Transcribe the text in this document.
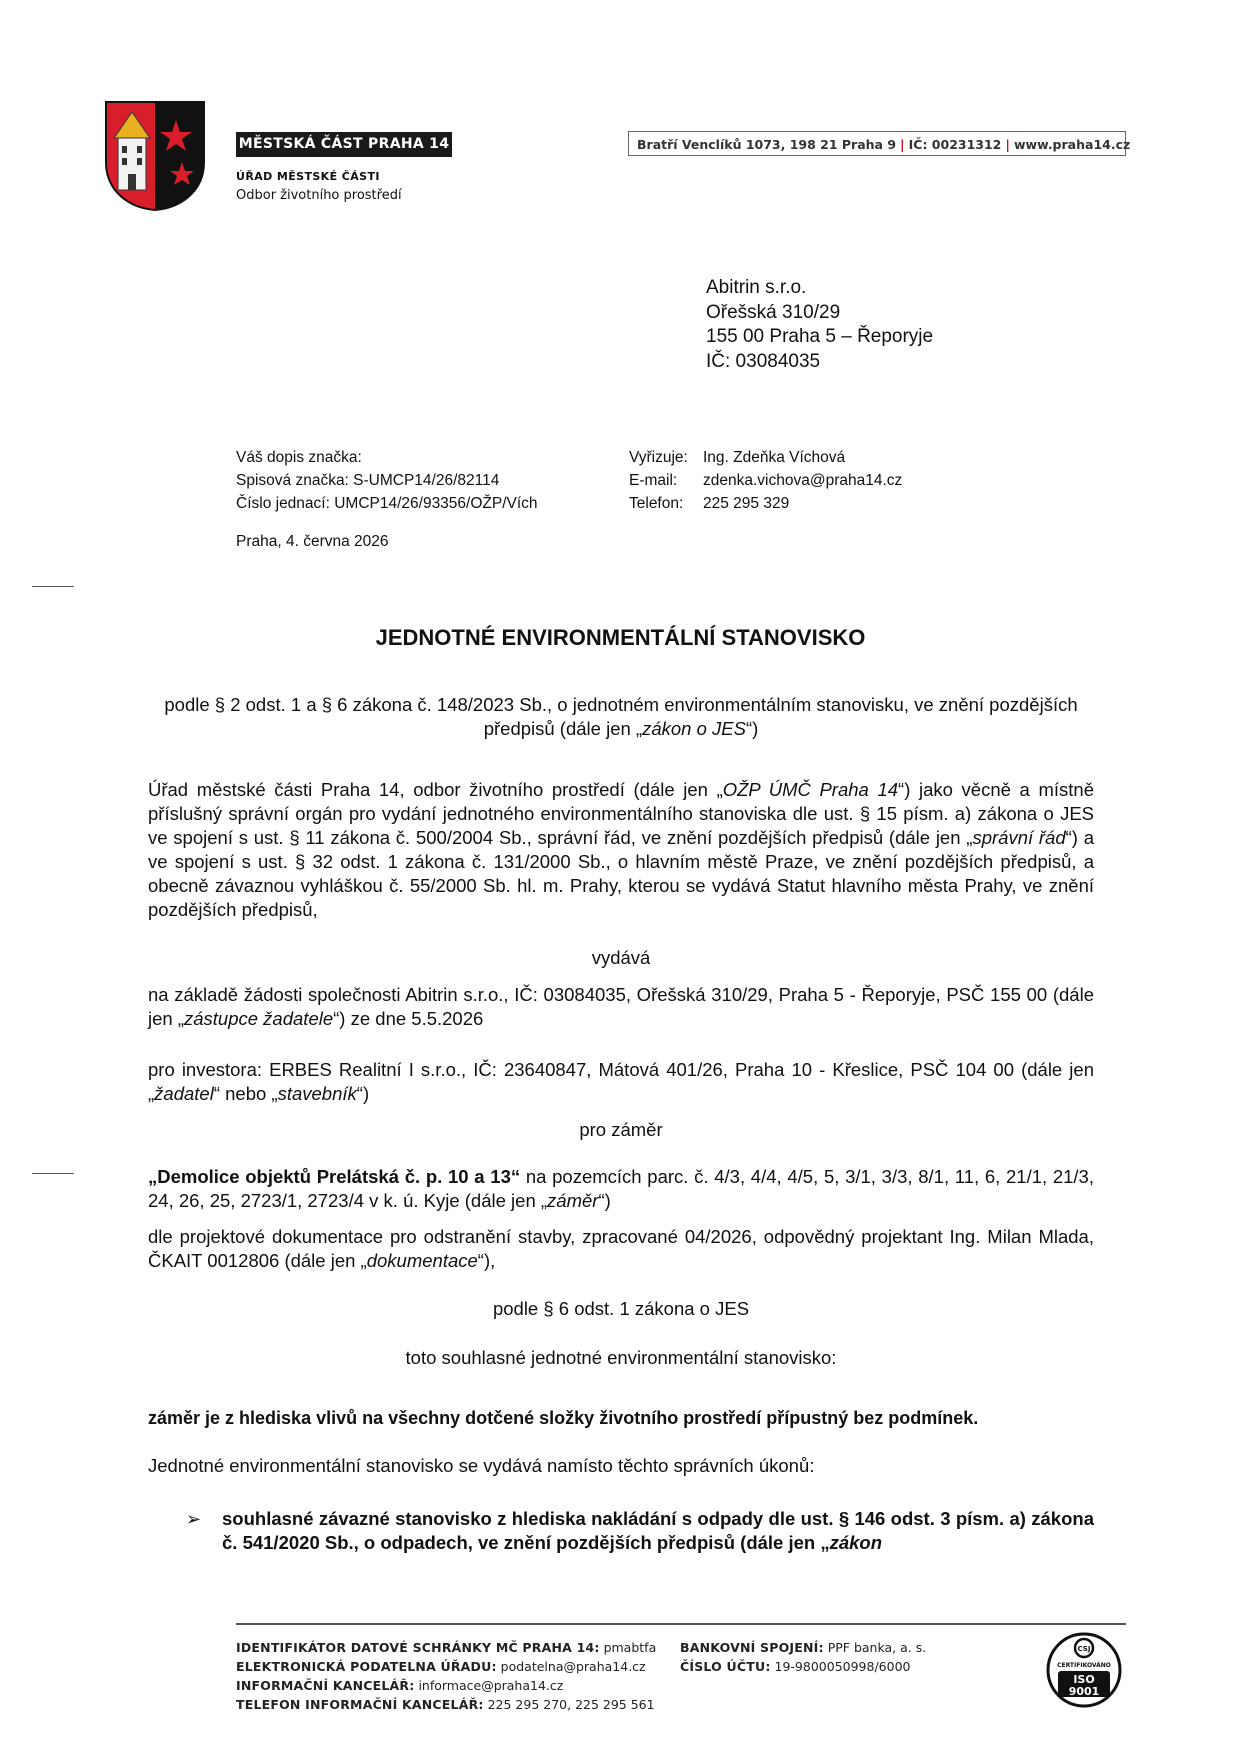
MĚSTSKÁ ČÁST PRAHA 14
ÚŘAD MĚSTSKÉ ČÁSTI
Odbor životního prostředí
Bratří Venclíků 1073, 198 21 Praha 9 | IČ: 00231312 | www.praha14.cz
Abitrin s.r.o.
Ořešská 310/29
155 00 Praha 5 – Řeporyje
IČ: 03084035
Váš dopis značka:
Spisová značka: S-UMCP14/26/82114
Číslo jednací: UMCP14/26/93356/OŽP/Vích
Vyřizuje: Ing. Zdeňka Víchová
E-mail:	zdenka.vichova@praha14.cz
Telefon:	225 295 329
Praha, 4. června 2026
JEDNOTNÉ ENVIRONMENTÁLNÍ STANOVISKO
podle § 2 odst. 1 a § 6 zákona č. 148/2023 Sb., o jednotném environmentálním stanovisku, ve znění pozdějších předpisů (dále jen „zákon o JES“)
Úřad městské části Praha 14, odbor životního prostředí (dále jen „OŽP ÚMČ Praha 14“) jako věcně a místně příslušný správní orgán pro vydání jednotného environmentálního stanoviska dle ust. § 15 písm. a) zákona o JES ve spojení s ust. § 11 zákona č. 500/2004 Sb., správní řád, ve znění pozdějších předpisů (dále jen „správní řád“) a ve spojení s ust. § 32 odst. 1 zákona č. 131/2000 Sb., o hlavním městě Praze, ve znění pozdějších předpisů, a obecně závaznou vyhláškou č. 55/2000 Sb. hl. m. Prahy, kterou se vydává Statut hlavního města Prahy, ve znění pozdějších předpisů,
vydává
na základě žádosti společnosti Abitrin s.r.o., IČ: 03084035, Ořešská 310/29, Praha 5 - Řeporyje, PSČ 155 00 (dále jen „zástupce žadatele“) ze dne 5.5.2026
pro investora: ERBES Realitní I s.r.o., IČ: 23640847, Mátová 401/26, Praha 10 - Křeslice, PSČ 104 00 (dále jen „žadatel“ nebo „stavebník“)
pro záměr
„Demolice objektů Prelátská č. p. 10 a 13“ na pozemcích parc. č. 4/3, 4/4, 4/5, 5, 3/1, 3/3, 8/1, 11, 6, 21/1, 21/3, 24, 26, 25, 2723/1, 2723/4 v k. ú. Kyje (dále jen „záměr“)
dle projektové dokumentace pro odstranění stavby, zpracované 04/2026, odpovědný projektant Ing. Milan Mlada, ČKAIT 0012806 (dále jen „dokumentace“),
podle § 6 odst. 1 zákona o JES
toto souhlasné jednotné environmentální stanovisko:
záměr je z hlediska vlivů na všechny dotčené složky životního prostředí přípustný bez podmínek.
Jednotné environmentální stanovisko se vydává namísto těchto správních úkonů:
➢ souhlasné závazné stanovisko z hlediska nakládání s odpady dle ust. § 146 odst. 3 písm. a) zákona č. 541/2020 Sb., o odpadech, ve znění pozdějších předpisů (dále jen „zákon
IDENTIFIKÁTOR DATOVÉ SCHRÁNKY MČ PRAHA 14: pmabtfa
ELEKTRONICKÁ PODATELNA ÚŘADU: podatelna@praha14.cz
INFORMAČNÍ KANCELÁŘ: informace@praha14.cz
TELEFON INFORMAČNÍ KANCELÁŘ: 225 295 270, 225 295 561
BANKOVNÍ SPOJENÍ: PPF banka, a. s.
ČÍSLO ÚČTU: 19-9800050998/6000
CSJ
CERTIFIKOVÁNO
ISO
9001
